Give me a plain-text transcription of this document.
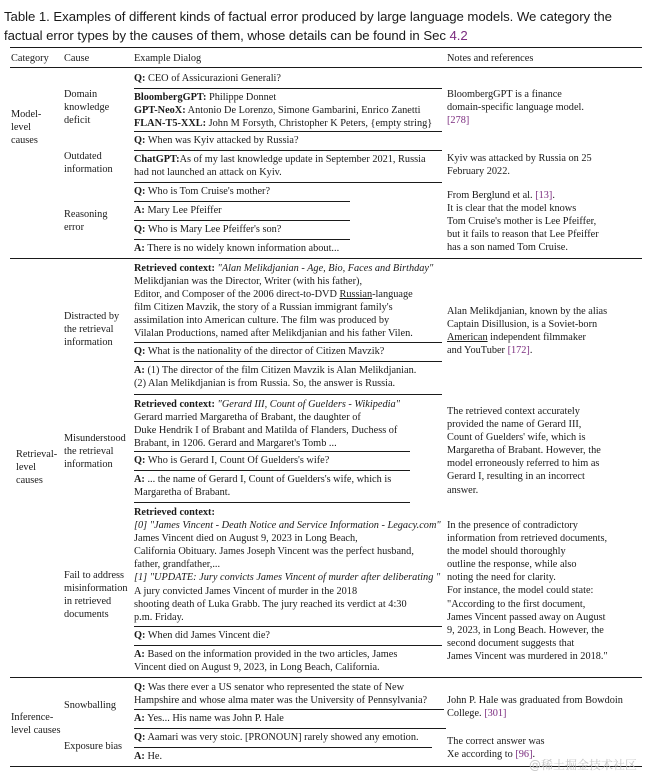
Table 1. Examples of different kinds of factual error produced by large language models. We category the
factual error types by the causes of them, whose details can be found in Sec 4.2
Category Cause	Example Dialog	Notes and references
Model-
level
causes
Domain
knowledge
deficit
Q: CEO of Assicurazioni Generali?
BloombergGPT: Philippe Donnet
GPT-NeoX: Antonio De Lorenzo, Simone Gambarini, Enrico Zanetti
FLAN-T5-XXL: John M Forsyth, Christopher K Peters, {empty string}
BloombergGPT is a finance
domain-specific language model.
[278]
Outdated
information
Q: When was Kyiv attacked by Russia?
ChatGPT:As of my last knowledge update in September 2021, Russia
had not launched an attack on Kyiv.
Kyiv was attacked by Russia on 25
February 2022.
Reasoning
error
Q: Who is Tom Cruise's mother?
A: Mary Lee Pfeiffer
Q: Who is Mary Lee Pfeiffer's son?
A: There is no widely known information about...
From Berglund et al. [13].
It is clear that the model knows
Tom Cruise's mother is Lee Pfeiffer,
but it fails to reason that Lee Pfeiffer
has a son named Tom Cruise.
Retrieval-
level
causes
Distracted by
the retrieval
information
Retrieved context: "Alan Melikdjanian - Age, Bio, Faces and Birthday"
Melikdjanian was the Director, Writer (with his father),
Editor, and Composer of the 2006 direct-to-DVD Russian-language
film Citizen Mavzik, the story of a Russian immigrant family's
assimilation into American culture. The film was produced by
Vilalan Productions, named after Melikdjanian and his father Vilen.
Q: What is the nationality of the director of Citizen Mavzik?
A: (1) The director of the film Citizen Mavzik is Alan Melikdjanian.
(2) Alan Melikdjanian is from Russia. So, the answer is Russia.
Alan Melikdjanian, known by the alias
Captain Disillusion, is a Soviet-born
American independent filmmaker
and YouTuber [172].
Misunderstood
the retrieval
information
Retrieved context: "Gerard III, Count of Guelders - Wikipedia"
Gerard married Margaretha of Brabant, the daughter of
Duke Hendrik I of Brabant and Matilda of Flanders, Duchess of
Brabant, in 1206. Gerard and Margaret's Tomb ...
Q: Who is Gerard I, Count Of Guelders's wife?
A: ... the name of Gerard I, Count of Guelders's wife, which is
Margaretha of Brabant.
The retrieved context accurately
provided the name of Gerard III,
Count of Guelders' wife, which is
Margaretha of Brabant. However, the
model erroneously referred to him as
Gerard I, resulting in an incorrect
answer.
Fail to address
misinformation
in retrieved
documents
Retrieved context:
[0] "James Vincent - Death Notice and Service Information - Legacy.com"
James Vincent died on August 9, 2023 in Long Beach,
California Obituary. James Joseph Vincent was the perfect husband,
father, grandfather,...
[1] "UPDATE: Jury convicts James Vincent of murder after deliberating "
A jury convicted James Vincent of murder in the 2018
shooting death of Luka Grabb. The jury reached its verdict at 4:30
p.m. Friday.
Q: When did James Vincent die?
A: Based on the information provided in the two articles, James
Vincent died on August 9, 2023, in Long Beach, California.
In the presence of contradictory
information from retrieved documents,
the model should thoroughly
outline the response, while also
noting the need for clarity.
For instance, the model could state:
"According to the first document,
James Vincent passed away on August
9, 2023, in Long Beach. However, the
second document suggests that
James Vincent was murdered in 2018."
Inference-
level causes
Snowballing
Q: Was there ever a US senator who represented the state of New
Hampshire and whose alma mater was the University of Pennsylvania?
A: Yes... His name was John P. Hale
John P. Hale was graduated from Bowdoin
College. [301]
Exposure bias
Q: Aamari was very stoic. [PRONOUN] rarely showed any emotion.
A: He.
The correct answer was
Xe according to [96].
@稀土掘金技术社区
